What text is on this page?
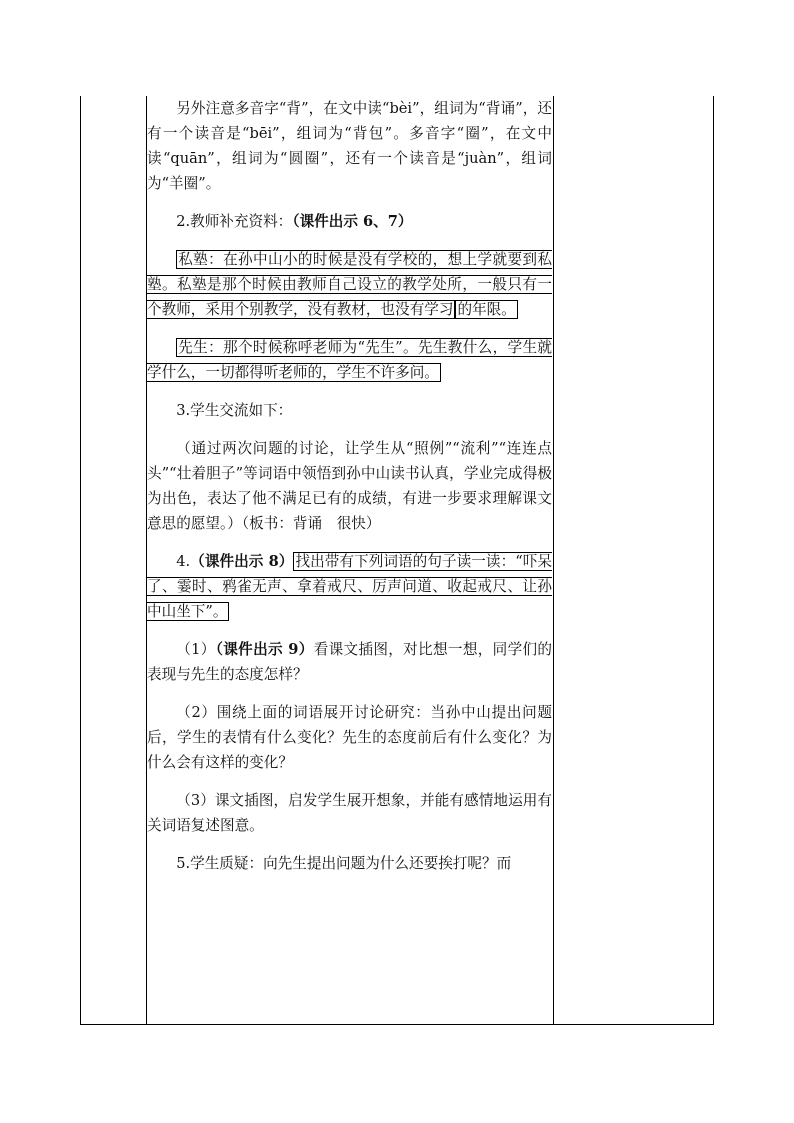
另外注意多音字“背”，在文中读“bèi”，组词为“背诵”，还有一个读音是“bēi”，组词为“背包”。多音字“圈”，在文中读“quān”，组词为“圆圈”，还有一个读音是“juàn”，组词为“羊圈”。

2.教师补充资料：（课件出示 6、7）

私塾：在孙中山小的时候是没有学校的，想上学就要到私塾。私塾是那个时候由教师自己设立的教学处所，一般只有一个教师，采用个别教学，没有教材，也没有学习 的年限。
先生：那个时候称呼老师为“先生”。先生教什么，学生就学什么，一切都得听老师的，学生不许多问。

3.学生交流如下：

（通过两次问题的讨论，让学生从“照例”“流利”“连连点头”“壮着胆子”等词语中领悟到孙中山读书认真，学业完成得极为出色，表达了他不满足已有的成绩，有进一步要求理解课文意思的愿望。）（板书：背诵　很快）

4.（课件出示 8） 找出带有下列词语的句子读一读：“吓呆了、霎时、鸦雀无声、拿着戒尺、厉声问道、收起戒尺、让孙中山坐下”。

（1）（课件出示 9）看课文插图，对比想一想，同学们的表现与先生的态度怎样？

（2）围绕上面的词语展开讨论研究：当孙中山提出问题后，学生的表情有什么变化？先生的态度前后有什么变化？为什么会有这样的变化？

（3）课文插图，启发学生展开想象，并能有感情地运用有关词语复述图意。

5.学生质疑：向先生提出问题为什么还要挨打呢？而
